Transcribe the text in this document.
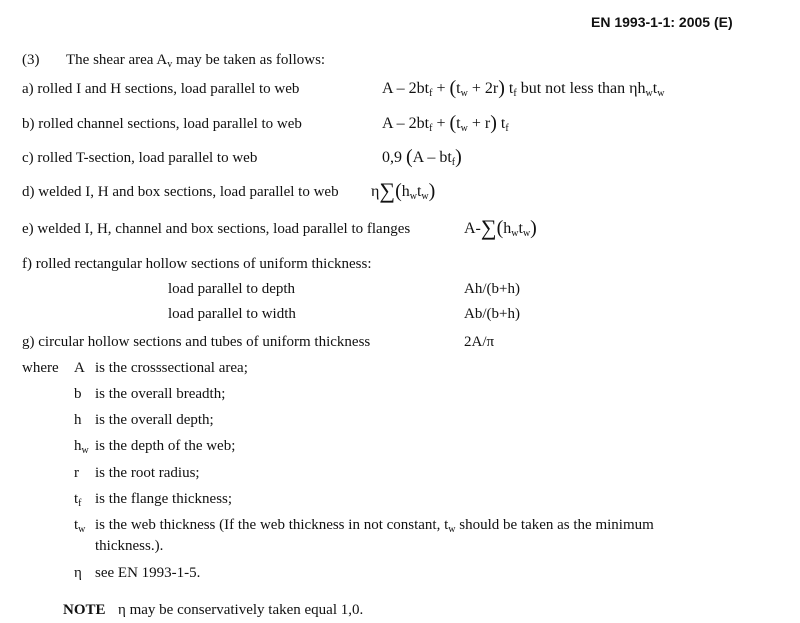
EN 1993-1-1: 2005 (E)
(3) The shear area $A_v$ may be taken as follows:
a) rolled I and H sections, load parallel to web	$A - 2bt_f + (t_w + 2r)$ $t_f$ but not less than $\eta h_wt_w$
b) rolled channel sections, load parallel to web	$A - 2bt_f + (t_w + r)$ $t_f$
c) rolled T-section, load parallel to web	0,9 $(A - bt_f)$
d) welded I, H and box sections, load parallel to web $\eta\sum(h_wt_w)$
e) welded I, H, channel and box sections, load parallel to flanges	$A-\sum(h_wt_w)$
f) rolled rectangular hollow sections of uniform thickness:
load parallel to depth	Ah/(b+h)
load parallel to width	Ab/(b+h)
g) circular hollow sections and tubes of uniform thickness	2A/π
where A is the crosssectional area;
b is the overall breadth;
h is the overall depth;
$h_w$ is the depth of the web;
r is the root radius;
$t_f$ is the flange thickness;
$t_w$ is the web thickness (If the web thickness in not constant, $t_w$ should be taken as the minimum
thickness.).
η see EN 1993-1-5.
NOTE η may be conservatively taken equal 1,0.
